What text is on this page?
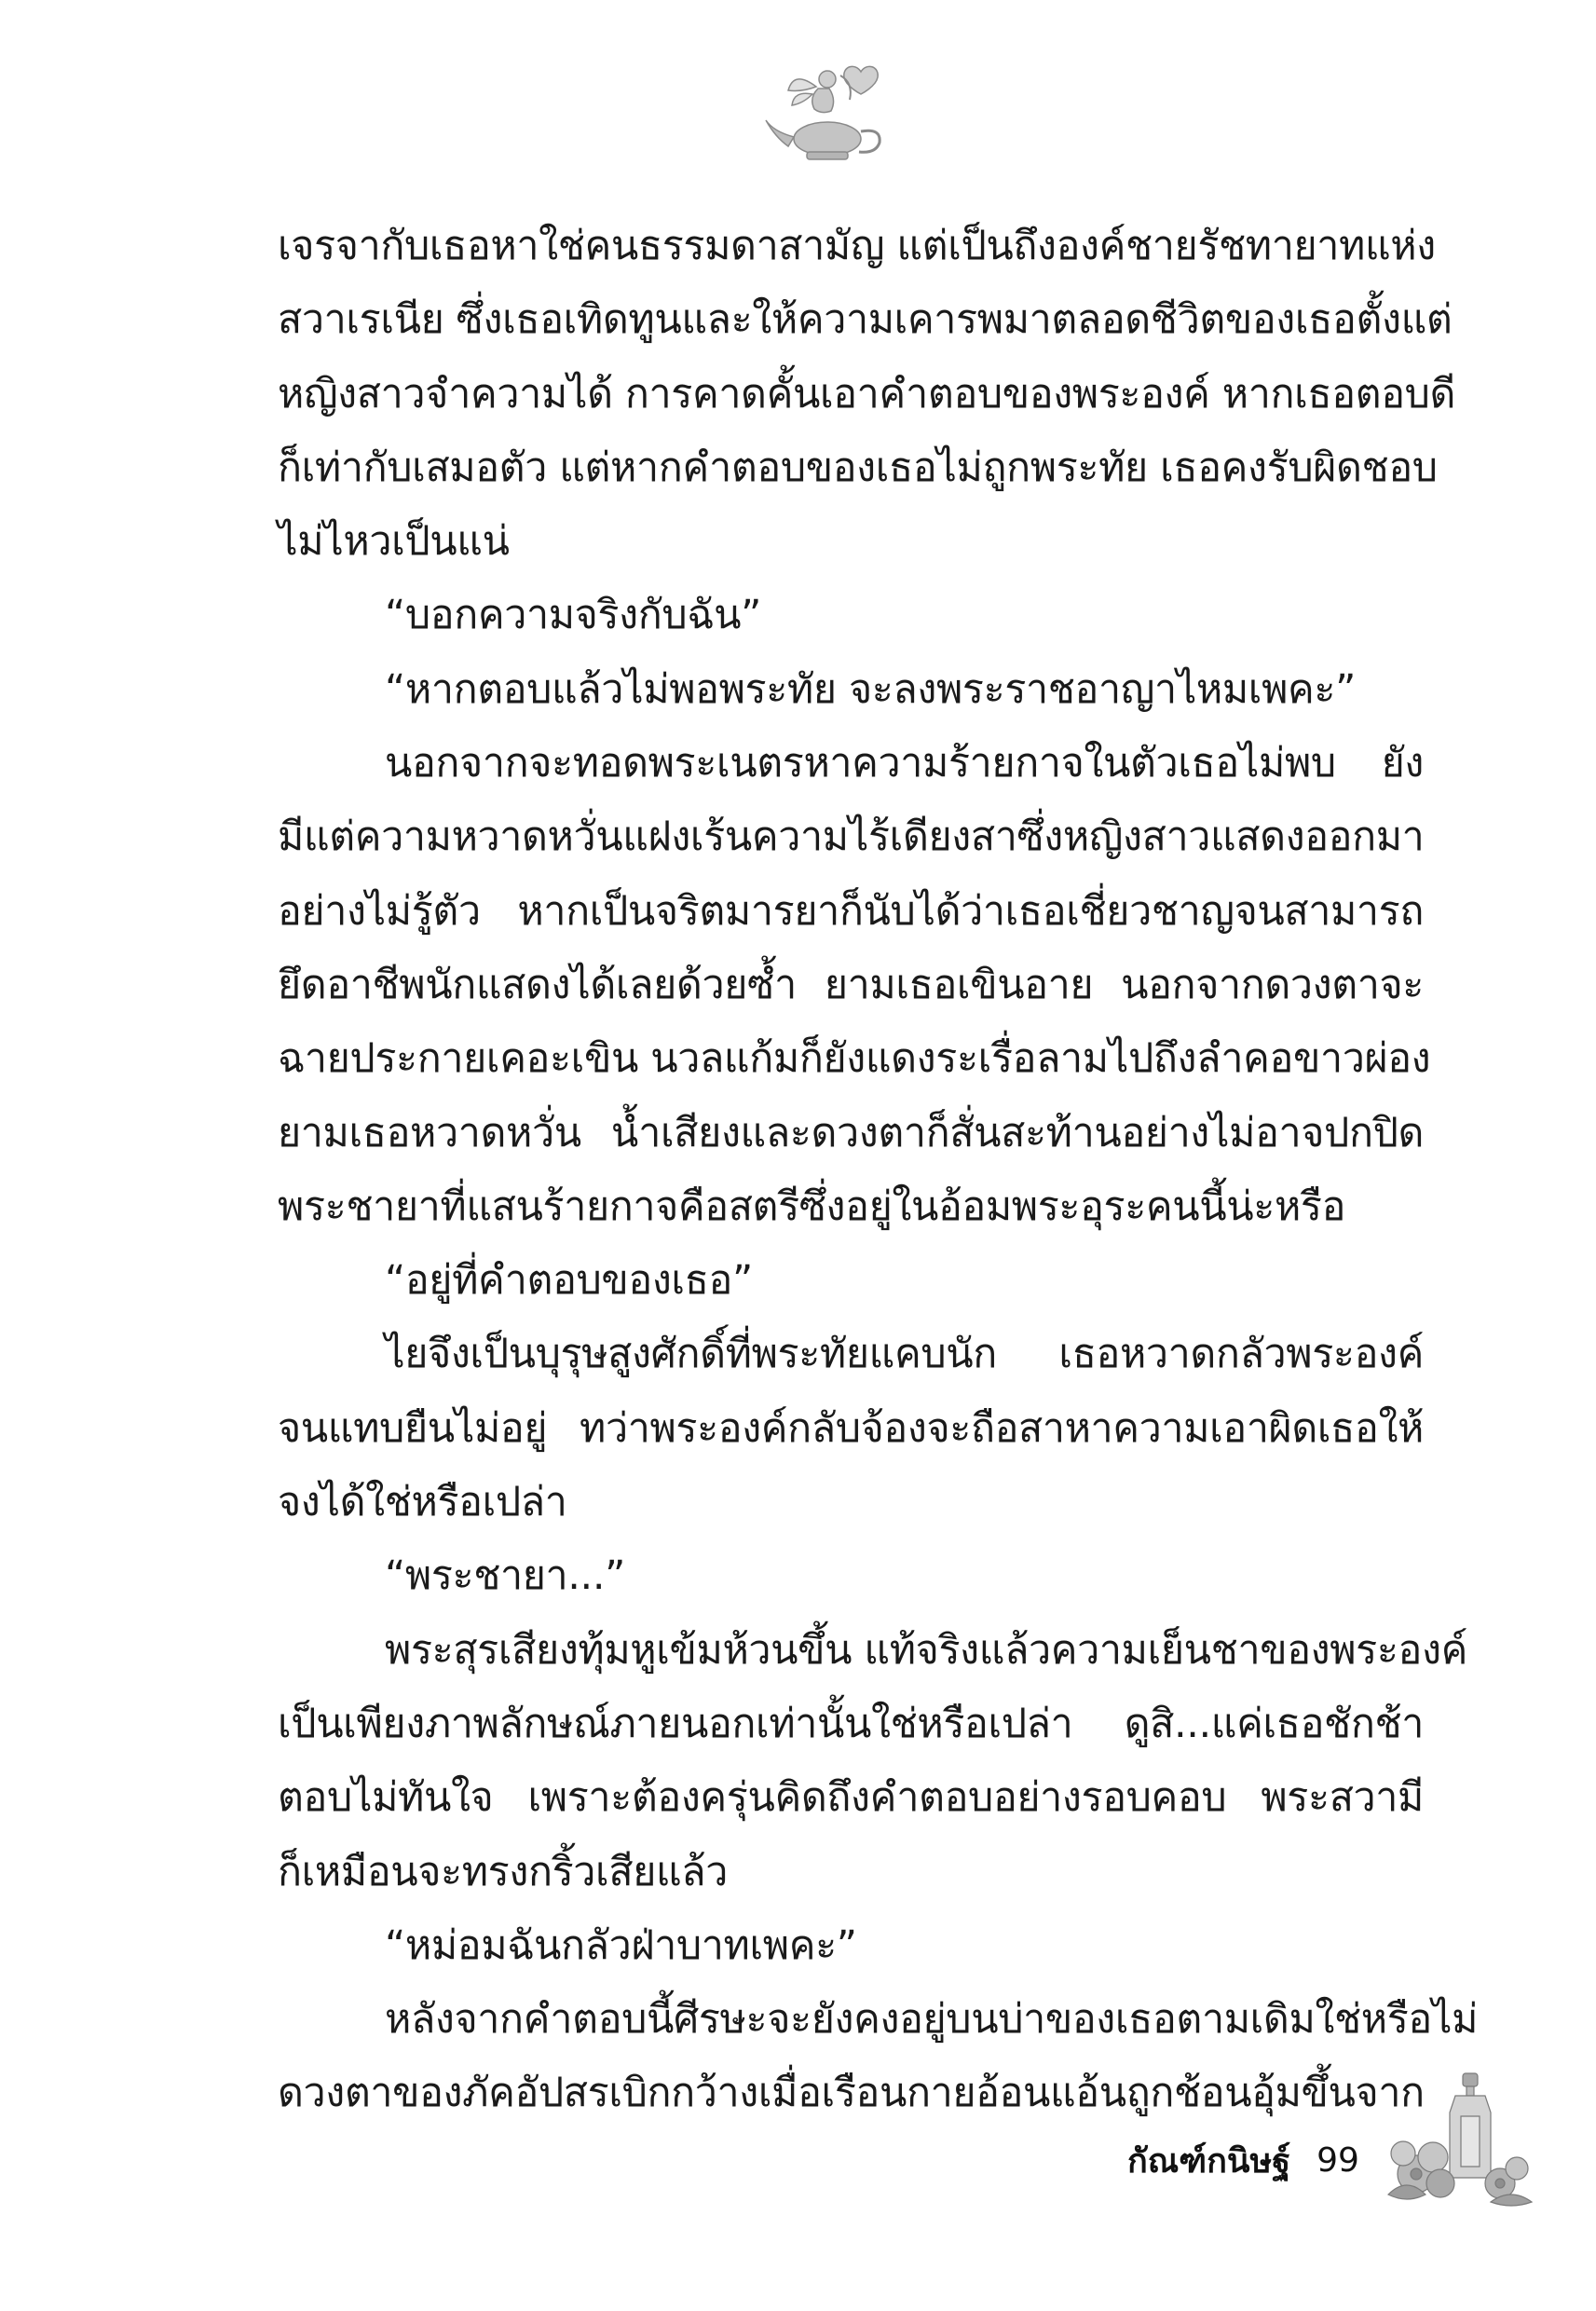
เจรจากับเธอหาใช่คนธรรมดาสามัญ แต่เป็นถึงองค์ชายรัชทายาทแห่ง
สวาเรเนีย ซึ่งเธอเทิดทูนและให้ความเคารพมาตลอดชีวิตของเธอตั้งแต่
หญิงสาวจำความได้ การคาดคั้นเอาคำตอบของพระองค์ หากเธอตอบดี
ก็เท่ากับเสมอตัว แต่หากคำตอบของเธอไม่ถูกพระทัย เธอคงรับผิดชอบ
ไม่ไหวเป็นแน่
“บอกความจริงกับฉัน”
“หากตอบแล้วไม่พอพระทัย จะลงพระราชอาญาไหมเพคะ”
นอกจากจะทอดพระเนตรหาความร้ายกาจในตัวเธอไม่พบ ยัง
มีแต่ความหวาดหวั่นแฝงเร้นความไร้เดียงสาซึ่งหญิงสาวแสดงออกมา
อย่างไม่รู้ตัว หากเป็นจริตมารยาก็นับได้ว่าเธอเชี่ยวชาญจนสามารถ
ยึดอาชีพนักแสดงได้เลยด้วยซ้ำ ยามเธอเขินอาย นอกจากดวงตาจะ
ฉายประกายเคอะเขิน นวลแก้มก็ยังแดงระเรื่อลามไปถึงลำคอขาวผ่อง
ยามเธอหวาดหวั่น น้ำเสียงและดวงตาก็สั่นสะท้านอย่างไม่อาจปกปิด
พระชายาที่แสนร้ายกาจคือสตรีซึ่งอยู่ในอ้อมพระอุระคนนี้น่ะหรือ
“อยู่ที่คำตอบของเธอ”
ไยจึงเป็นบุรุษสูงศักดิ์ที่พระทัยแคบนัก เธอหวาดกลัวพระองค์
จนแทบยืนไม่อยู่ ทว่าพระองค์กลับจ้องจะถือสาหาความเอาผิดเธอให้
จงได้ใช่หรือเปล่า
“พระชายา...”
พระสุรเสียงทุ้มหูเข้มห้วนขึ้น แท้จริงแล้วความเย็นชาของพระองค์
เป็นเพียงภาพลักษณ์ภายนอกเท่านั้นใช่หรือเปล่า ดูสิ...แค่เธอชักช้า
ตอบไม่ทันใจ เพราะต้องครุ่นคิดถึงคำตอบอย่างรอบคอบ พระสวามี
ก็เหมือนจะทรงกริ้วเสียแล้ว
“หม่อมฉันกลัวฝ่าบาทเพคะ”
หลังจากคำตอบนี้ศีรษะจะยังคงอยู่บนบ่าของเธอตามเดิมใช่หรือไม่
ดวงตาของภัคอัปสรเบิกกว้างเมื่อเรือนกายอ้อนแอ้นถูกช้อนอุ้มขึ้นจาก
กัณฑ์กนิษฐ์ 99
